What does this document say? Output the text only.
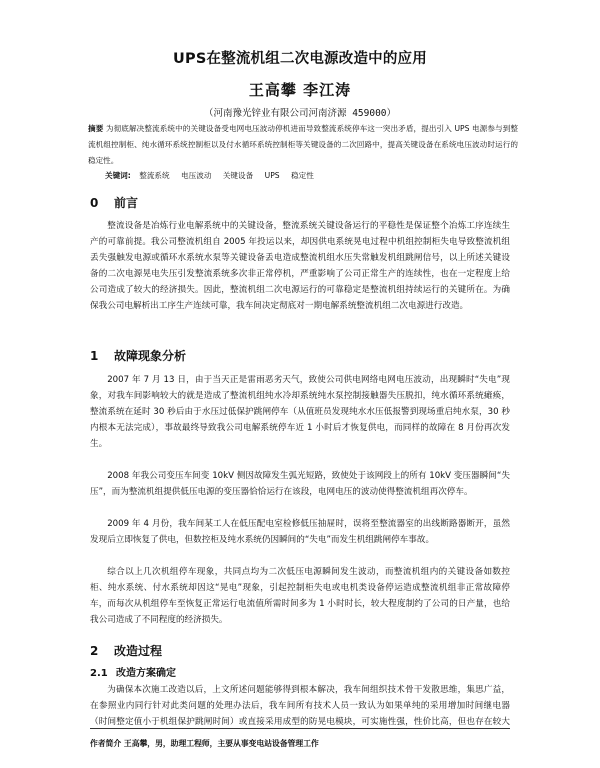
UPS在整流机组二次电源改造中的应用
王高攀 李江涛
（河南豫光锌业有限公司河南济源 459000）
摘要 为彻底解决整流系统中的关键设备受电网电压波动停机进而导致整流系统停车这一突出矛盾，提出引入 UPS 电源参与到整流机组控制柜、纯水循环系统控制柜以及付水循环系统控制柜等关键设备的二次回路中，提高关键设备在系统电压波动时运行的稳定性。
关键词: 整流系统 电压波动 关键设备 UPS 稳定性
0 前言

整流设备是冶炼行业电解系统中的关键设备，整流系统关键设备运行的平稳性是保证整个冶炼工序连续生产的可靠前提。我公司整流机组自 2005 年投运以来，却因供电系统晃电过程中机组控制柜失电导致整流机组丢失强触发电源或循环水系统水泵等关键设备丢电造成整流机组水压失常触发机组跳闸信号，以上所述关键设备的二次电源晃电失压引发整流系统多次非正常停机，严重影响了公司正常生产的连续性，也在一定程度上给公司造成了较大的经济损失。因此，整流机组二次电源运行的可靠稳定是整流机组持续运行的关键所在。为确保我公司电解析出工序生产连续可靠，我车间决定彻底对一期电解系统整流机组二次电源进行改造。

1 故障现象分析

2007 年 7 月 13 日，由于当天正是雷雨恶劣天气，致使公司供电网络电网电压波动，出现瞬时“失电”现象，对我车间影响较大的就是造成了整流机组纯水冷却系统纯水泵控制接触器失压脱扣，纯水循环系统瘫痪，整流系统在延时 30 秒后由于水压过低保护跳闸停车（从值班员发现纯水水压低报警到现场重启纯水泵，30 秒内根本无法完成），事故最终导致我公司电解系统停车近 1 小时后才恢复供电，而同样的故障在 8 月份再次发生。

2008 年我公司变压车间变 10kV 侧因故障发生弧光短路，致使处于该网段上的所有 10kV 变压器瞬间“失压”，而为整流机组提供低压电源的变压器恰恰运行在该段，电网电压的波动使得整流机组再次停车。

2009 年 4 月份，我车间某工人在低压配电室检修低压抽屉时，误将至整流器室的出线断路器断开，虽然发现后立即恢复了供电，但数控柜及纯水系统仍因瞬间的“失电”而发生机组跳闸停车事故。

综合以上几次机组停车现象，共同点均为二次低压电源瞬间发生波动，而整流机组内的关键设备如数控柜、纯水系统、付水系统却因这“晃电”现象，引起控制柜失电或电机类设备停运造成整流机组非正常故障停车，而每次从机组停车至恢复正常运行电流值所需时间多为 1 小时时长，较大程度制约了公司的日产量，也给我公司造成了不同程度的经济损失。

2 改造过程
2.1 改造方案确定

为确保本次施工改造以后，上文所述问题能够得到根本解决，我车间组织技术骨干发散思维，集思广益，在参照业内同行针对此类问题的处理办法后，我车间所有技术人员一致认为如果单纯的采用增加时间继电器（时间整定值小于机组保护跳闸时间）或直接采用成型的防晃电模块，可实施性强，性价比高，但也存在较大

作者简介 王高攀，男，助理工程师，主要从事变电站设备管理工作
